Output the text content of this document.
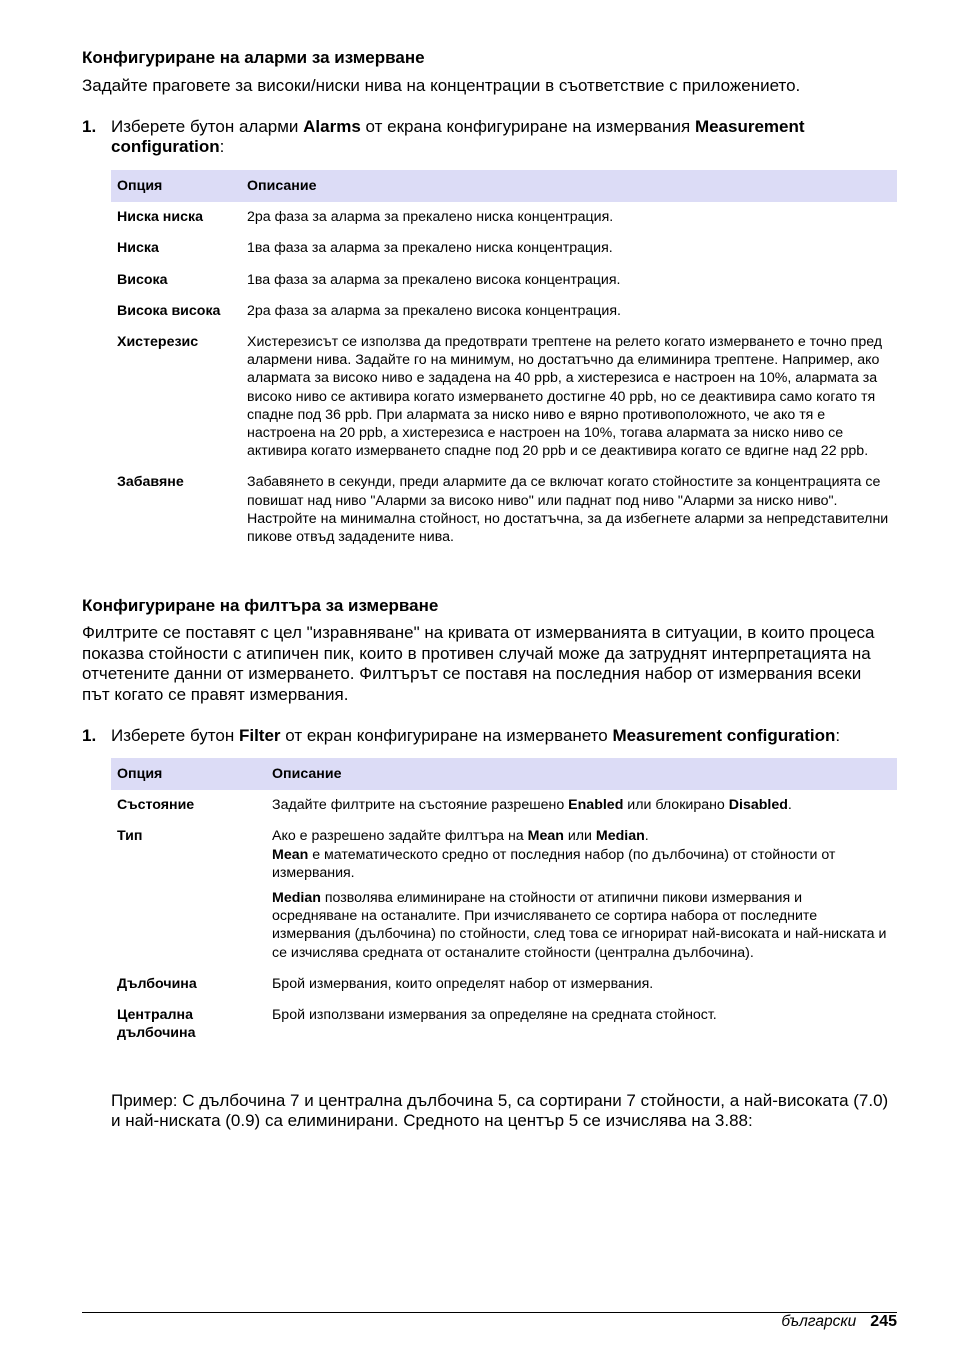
Конфигуриране на аларми за измерване

Задайте праговете за високи/ниски нива на концентрации в съответствие с приложението.

1. Изберете бутон аларми Alarms от екрана конфигуриране на измервания Measurement configuration:
Опция	Описание
Ниска ниска	2ра фаза за аларма за прекалено ниска концентрация.
Ниска	1ва фаза за аларма за прекалено ниска концентрация.
Висока	1ва фаза за аларма за прекалено висока концентрация.
Висока висока	2ра фаза за аларма за прекалено висока концентрация.
Хистерезис	Хистерезисът се използва да предотврати трептене на релето когато измерването е точно пред алармени нива. Задайте го на минимум, но достатъчно да елиминира трептене. Например, ако алармата за високо ниво е зададена на 40 ppb, а хистерезиса е настроен на 10%, алармата за високо ниво се активира когато измерването достигне 40 ppb, но се деактивира само когато тя спадне под 36 ppb. При алармата за ниско ниво е вярно противоположното, че ако тя е настроена на 20 ppb, а хистерезиса е настроен на 10%, тогава алармата за ниско ниво се активира когато измерването спадне под 20 ppb и се деактивира когато се вдигне над 22 ppb.
Забавяне	Забавянето в секунди, преди алармите да се включат когато стойностите за концентрацията се повишат над ниво "Аларми за високо ниво" или паднат под ниво "Аларми за ниско ниво". Настройте на минимална стойност, но достатъчна, за да избегнете аларми за непредставителни пикове отвъд зададените нива.
Конфигуриране на филтъра за измерване

Филтрите се поставят с цел "изравняване" на кривата от измерванията в ситуации, в които процеса показва стойности с атипичен пик, които в противен случай може да затруднят интерпретацията на отчетените данни от измерването. Филтърът се поставя на последния набор от измервания всеки път когато се правят измервания.

1. Изберете бутон Filter от екран конфигуриране на измерването Measurement configuration:
Опция	Описание
Състояние	Задайте филтрите на състояние разрешено Enabled или блокирано Disabled.
Тип	Ако е разрешено задайте филтъра на Mean или Median.
Mean е математическото средно от последния набор (по дълбочина) от стойности от измервания.

Median позволява елиминиране на стойности от атипични пикови измервания и осредняване на останалите. При изчисляването се сортира набора от последните измервания (дълбочина) по стойности, след това се игнорират най-високата и най-ниската и се изчислява средната от останалите стойности (централна дълбочина).

Дълбочина	Брой измервания, които определят набор от измервания.
Централна дълбочина	Брой използвани измервания за определяне на средната стойност.

Пример: С дълбочина 7 и централна дълбочина 5, са сортирани 7 стойности, а най-високата (7.0) и най-ниската (0.9) са елиминирани. Средното на център 5 се изчислява на 3.88:

български 245
